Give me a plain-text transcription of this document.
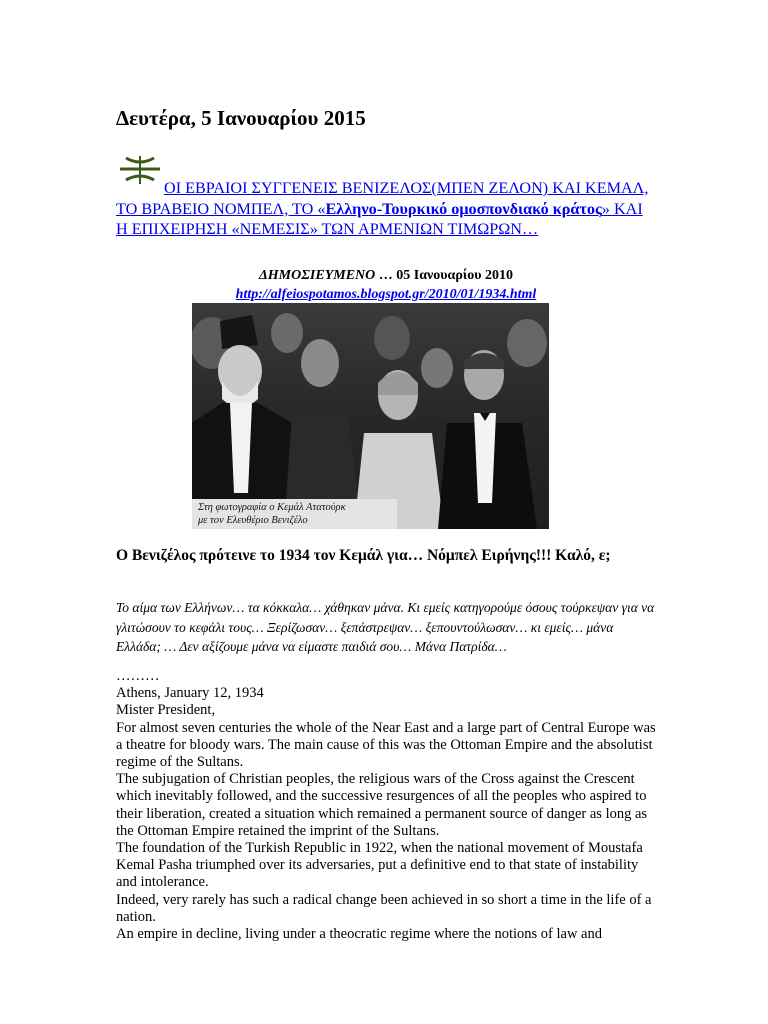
Δευτέρα, 5 Ιανουαρίου 2015
ΟΙ ΕΒΡΑΙΟΙ ΣΥΓΓΕΝΕΙΣ ΒΕΝΙΖΕΛΟΣ(ΜΠΕΝ ΖΕΛΟΝ) ΚΑΙ ΚΕΜΑΛ, ΤΟ ΒΡΑΒΕΙΟ ΝΟΜΠΕΛ, ΤΟ «Ελληνο-Τουρκικό ομοσπονδιακό κράτος» ΚΑΙ Η ΕΠΙΧΕΙΡΗΣΗ «ΝΕΜΕΣΙΣ» ΤΩΝ ΑΡΜΕΝΙΩΝ ΤΙΜΩΡΩΝ…
ΔΗΜΟΣΙΕΥΜΕΝΟ … 05 Ιανουαρίου 2010 http://alfeiospotamos.blogspot.gr/2010/01/1934.html
Στη φωτογραφία ο Κεμάλ Ατατούρκ
με τον Ελευθέριο Βενιζέλο
Ο Βενιζέλος πρότεινε το 1934 τον Κεμάλ για… Νόμπελ Ειρήνης!!! Καλό, ε;

Το αίμα των Ελλήνων… τα κόκκαλα… χάθηκαν μάνα. Κι εμείς κατηγορούμε όσους τούρκεψαν για να γλιτώσουν το κεφάλι τους… Ξερίζωσαν… ξεπάστρεψαν… ξεπουντούλωσαν… κι εμείς… μάνα Ελλάδα; … Δεν αξίζουμε μάνα να είμαστε παιδιά σου… Μάνα Πατρίδα…

………

Athens, January 12, 1934

Mister President,

For almost seven centuries the whole of the Near East and a large part of Central Europe was a theatre for bloody wars. The main cause of this was the Ottoman Empire and the absolutist regime of the Sultans.

The subjugation of Christian peoples, the religious wars of the Cross against the Crescent which inevitably followed, and the successive resurgences of all the peoples who aspired to their liberation, created a situation which remained a permanent source of danger as long as the Ottoman Empire retained the imprint of the Sultans.

The foundation of the Turkish Republic in 1922, when the national movement of Moustafa Kemal Pasha triumphed over its adversaries, put a definitive end to that state of instability and intolerance.

Indeed, very rarely has such a radical change been achieved in so short a time in the life of a nation.

An empire in decline, living under a theocratic regime where the notions of law and
